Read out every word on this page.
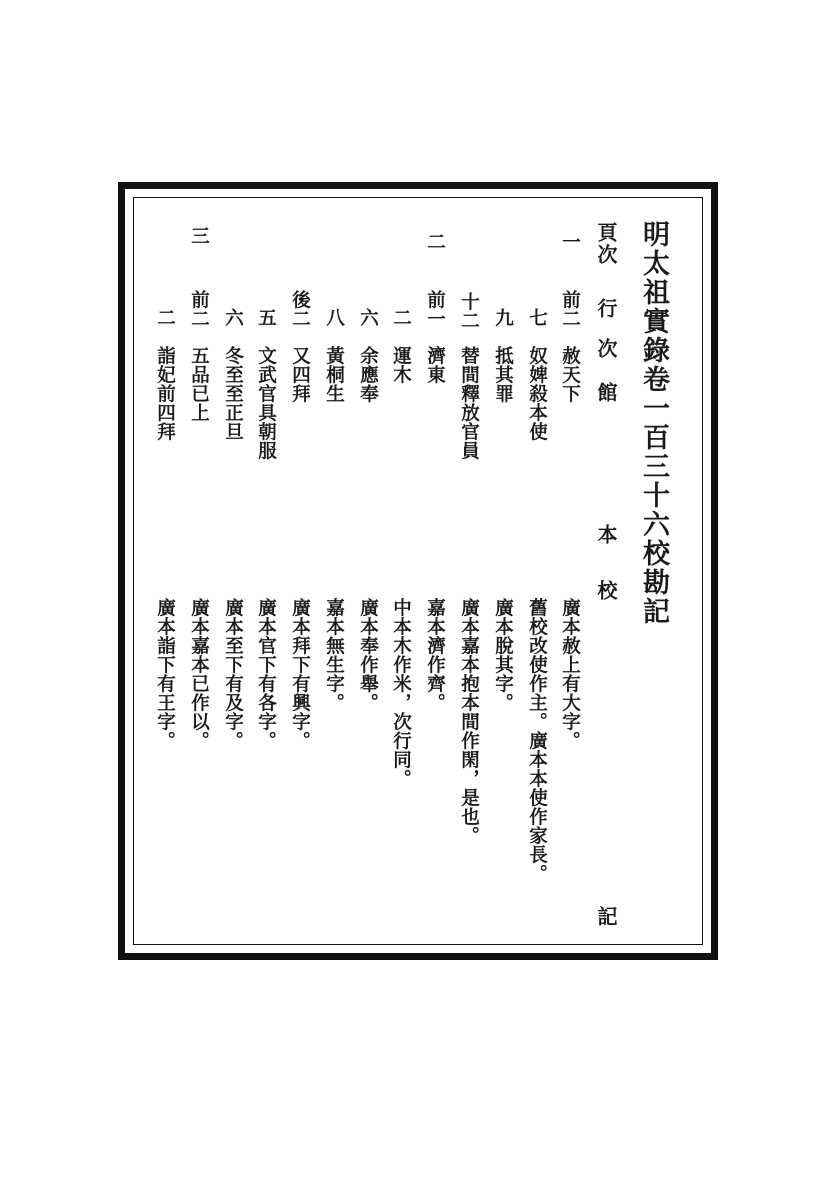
明太祖實錄卷一百三十六校勘記
頁
次
行
次
館
本
校
記
一
二
三
前二
七
九
十二
前一
二
六
八
後二
五
六
前二
二
赦天下
奴婢殺本使
抵其罪
替間釋放官員
濟東
運木
余應奉
黃桐生
又四拜
文武官具朝服
冬至至正旦
五品已上
詣妃前四拜
廣本赦上有大字。
舊校改使作主。廣本本使作家長。
廣本脫其字。
廣本嘉本抱本間作閑，是也。
嘉本濟作齊。
中本木作米，次行同。
廣本奉作舉。
嘉本無生字。
廣本拜下有興字。
廣本官下有各字。
廣本至下有及字。
廣本嘉本已作以。
廣本詣下有王字。
